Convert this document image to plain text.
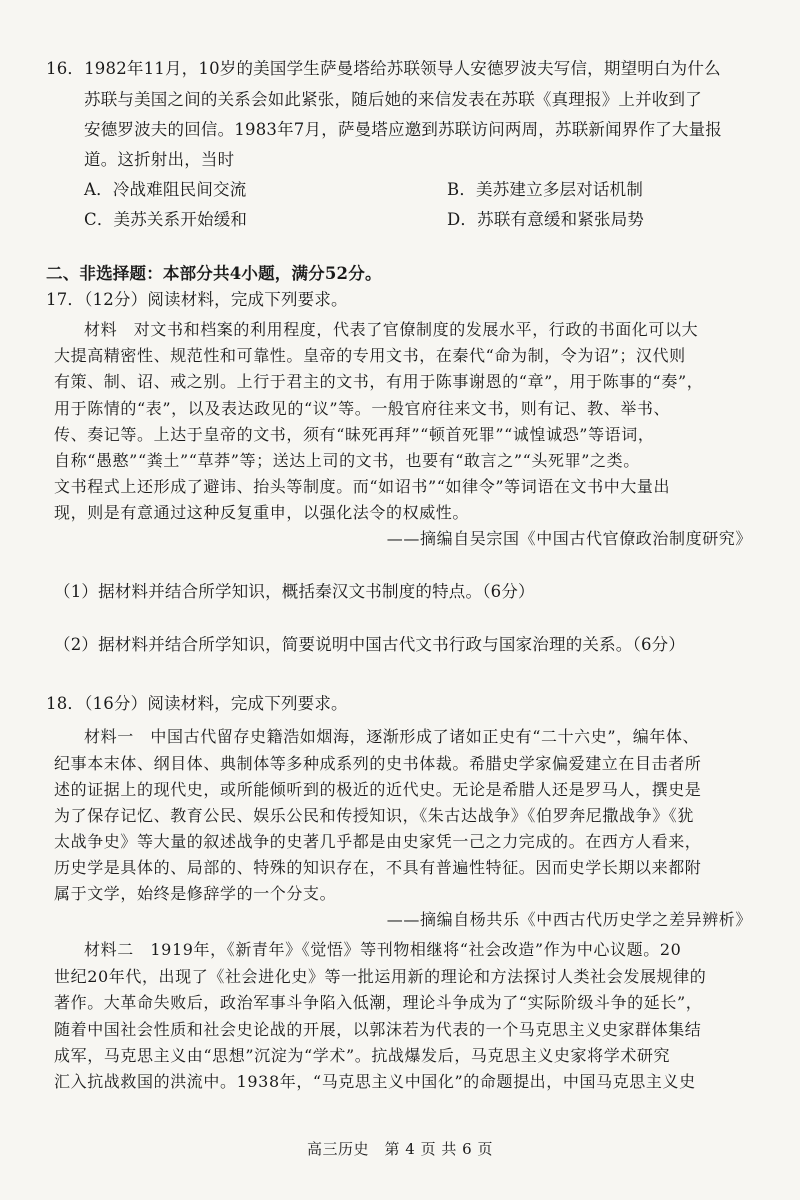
16．1982年11月，10岁的美国学生萨曼塔给苏联领导人安德罗波夫写信，期望明白为什么
苏联与美国之间的关系会如此紧张，随后她的来信发表在苏联《真理报》上并收到了
安德罗波夫的回信。1983年7月，萨曼塔应邀到苏联访问两周，苏联新闻界作了大量报
道。这折射出，当时
A．冷战难阻民间交流	B．美苏建立多层对话机制
C．美苏关系开始缓和	D．苏联有意缓和紧张局势
二、非选择题：本部分共4小题，满分52分。
17．（12分）阅读材料，完成下列要求。
材料　对文书和档案的利用程度，代表了官僚制度的发展水平，行政的书面化可以大
大提高精密性、规范性和可靠性。皇帝的专用文书，在秦代“命为制，令为诏”；汉代则
有策、制、诏、戒之别。上行于君主的文书，有用于陈事谢恩的“章”，用于陈事的“奏”，
用于陈情的“表”，以及表达政见的“议”等。一般官府往来文书，则有记、教、举书、
传、奏记等。上达于皇帝的文书，须有“昧死再拜”“顿首死罪”“诚惶诚恐”等语词，
自称“愚憨”“粪土”“草莽”等；送达上司的文书，也要有“敢言之”“头死罪”之类。
文书程式上还形成了避讳、抬头等制度。而“如诏书”“如律令”等词语在文书中大量出
现，则是有意通过这种反复重申，以强化法令的权威性。
——摘编自吴宗国《中国古代官僚政治制度研究》
（1）据材料并结合所学知识，概括秦汉文书制度的特点。（6分）
（2）据材料并结合所学知识，简要说明中国古代文书行政与国家治理的关系。（6分）
18．（16分）阅读材料，完成下列要求。
材料一　中国古代留存史籍浩如烟海，逐渐形成了诸如正史有“二十六史”，编年体、
纪事本末体、纲目体、典制体等多种成系列的史书体裁。希腊史学家偏爱建立在目击者所
述的证据上的现代史，或所能倾听到的极近的近代史。无论是希腊人还是罗马人，撰史是
为了保存记忆、教育公民、娱乐公民和传授知识，《朱古达战争》《伯罗奔尼撒战争》《犹
太战争史》等大量的叙述战争的史著几乎都是由史家凭一己之力完成的。在西方人看来，
历史学是具体的、局部的、特殊的知识存在，不具有普遍性特征。因而史学长期以来都附
属于文学，始终是修辞学的一个分支。
——摘编自杨共乐《中西古代历史学之差异辨析》
材料二　1919年，《新青年》《觉悟》等刊物相继将“社会改造”作为中心议题。20
世纪20年代，出现了《社会进化史》等一批运用新的理论和方法探讨人类社会发展规律的
著作。大革命失败后，政治军事斗争陷入低潮，理论斗争成为了“实际阶级斗争的延长”，
随着中国社会性质和社会史论战的开展，以郭沫若为代表的一个马克思主义史家群体集结
成军，马克思主义由“思想”沉淀为“学术”。抗战爆发后，马克思主义史家将学术研究
汇入抗战救国的洪流中。1938年，“马克思主义中国化”的命题提出，中国马克思主义史
高三历史　第 4 页 共 6 页
